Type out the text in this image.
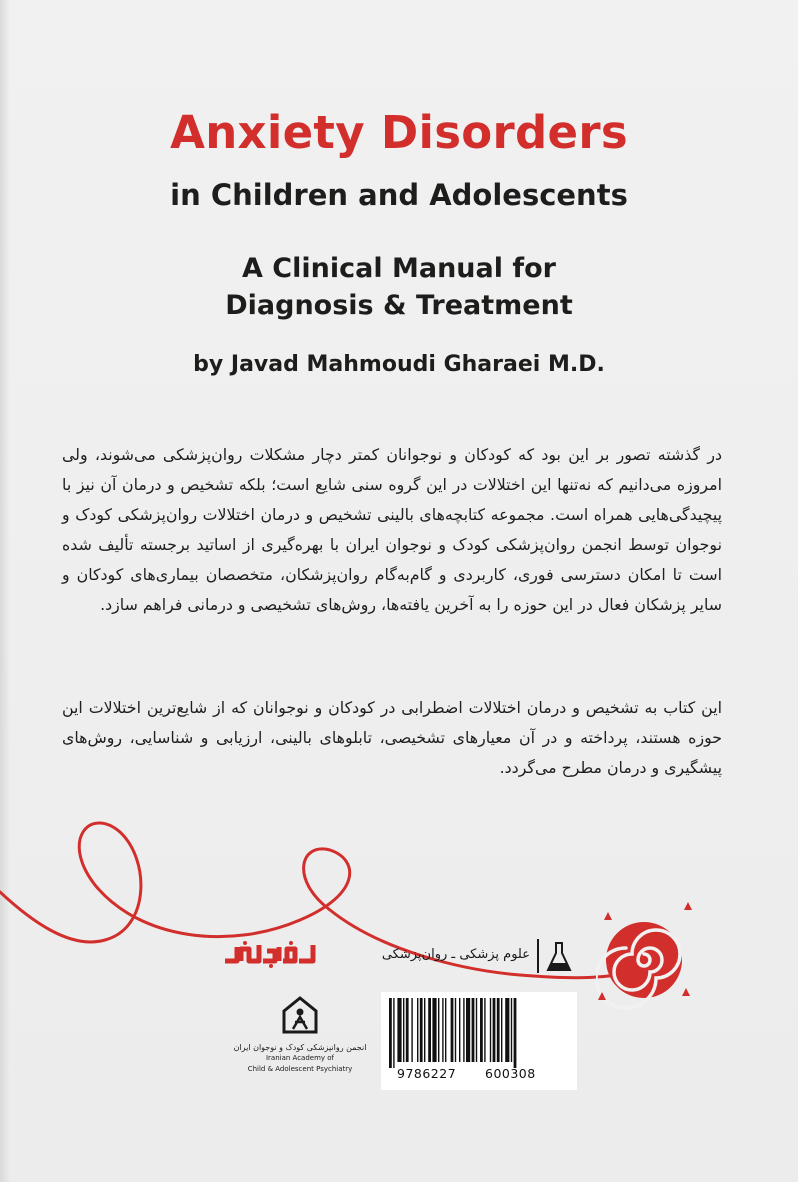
Anxiety Disorders
in Children and Adolescents
A Clinical Manual for
Diagnosis & Treatment
by Javad Mahmoudi Gharaei M.D.

در گذشته تصور بر این بود که کودکان و نوجوانان کمتر دچار مشکلات روان‌پزشکی می‌شوند، ولی امروزه می‌دانیم که نه‌تنها این اختلالات در این گروه سنی شایع است؛ بلکه تشخیص و درمان آن نیز با پیچیدگی‌هایی همراه است. مجموعه کتابچه‌های بالینی تشخیص و درمان اختلالات روان‌پزشکی کودک و نوجوان توسط انجمن روان‌پزشکی کودک و نوجوان ایران با بهره‌گیری از اساتید برجسته تألیف شده است تا امکان دسترسی فوری، کاربردی و گام‌به‌گام روان‌پزشکان، متخصصان بیماری‌های کودکان و سایر پزشکان فعال در این حوزه را به آخرین یافته‌ها، روش‌های تشخیصی و درمانی فراهم سازد.

این کتاب به تشخیص و درمان اختلالات اضطرابی در کودکان و نوجوانان که از شایع‌ترین اختلالات این حوزه هستند، پرداخته و در آن معیارهای تشخیصی، تابلوهای بالینی، ارزیابی و شناسایی، روش‌های پیشگیری و درمان مطرح می‌گردد.

علوم پزشکی ـ روان‌پزشکی
انجمن روانپزشکی کودک و نوجوان ایران
Iranian Academy of
Child & Adolescent Psychiatry	9786227 600308
